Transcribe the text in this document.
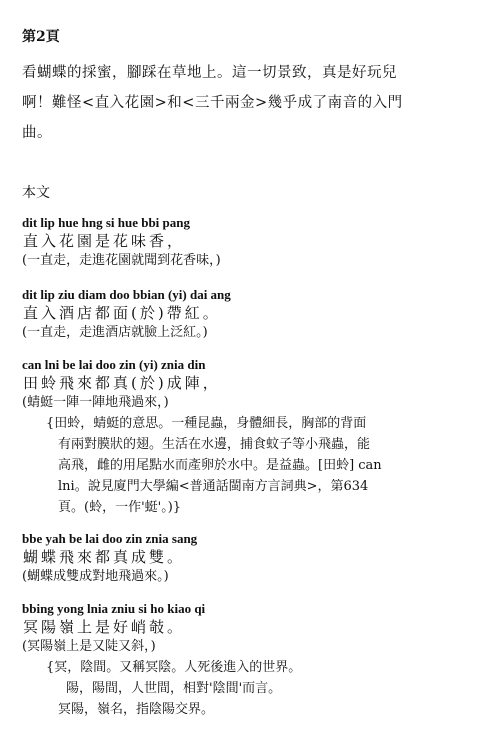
第2頁
看蝴蝶的採蜜，腳踩在草地上。這一切景致，真是好玩兒
啊！難怪<直入花園>和<三千兩金>幾乎成了南音的入門
曲。
本文
dit lip hue hng si hue bbi pang
直入花園是花味香，
(一直走，走進花園就聞到花香味，)
dit lip ziu diam doo bbian (yi) dai ang
直入酒店都面(於)帶紅。
(一直走，走進酒店就臉上泛紅。)
can lni be lai doo zin (yi) znia din
田蛉飛來都真(於)成陣，
(蜻蜓一陣一陣地飛過來，)
{田蛉，蜻蜓的意思。一種昆蟲，身體細長，胸部的背面
有兩對膜狀的翅。生活在水邊，捕食蚊子等小飛蟲，能
高飛，雌的用尾點水而產卵於水中。是益蟲。[田蛉] can
lni。說見廈門大學編<普通話閩南方言詞典>，第634
頁。(蛉，一作'蜓'。)}
bbe yah be lai doo zin znia sang
蝴蝶飛來都真成雙。
(蝴蝶成雙成對地飛過來。)
bbing yong lnia zniu si ho kiao qi
冥陽嶺上是好峭攲。
(冥陽嶺上是又陡又斜，)
{冥，陰間。又稱冥陰。人死後進入的世界。
陽，陽間，人世間，相對'陰間'而言。
冥陽，嶺名，指陰陽交界。
